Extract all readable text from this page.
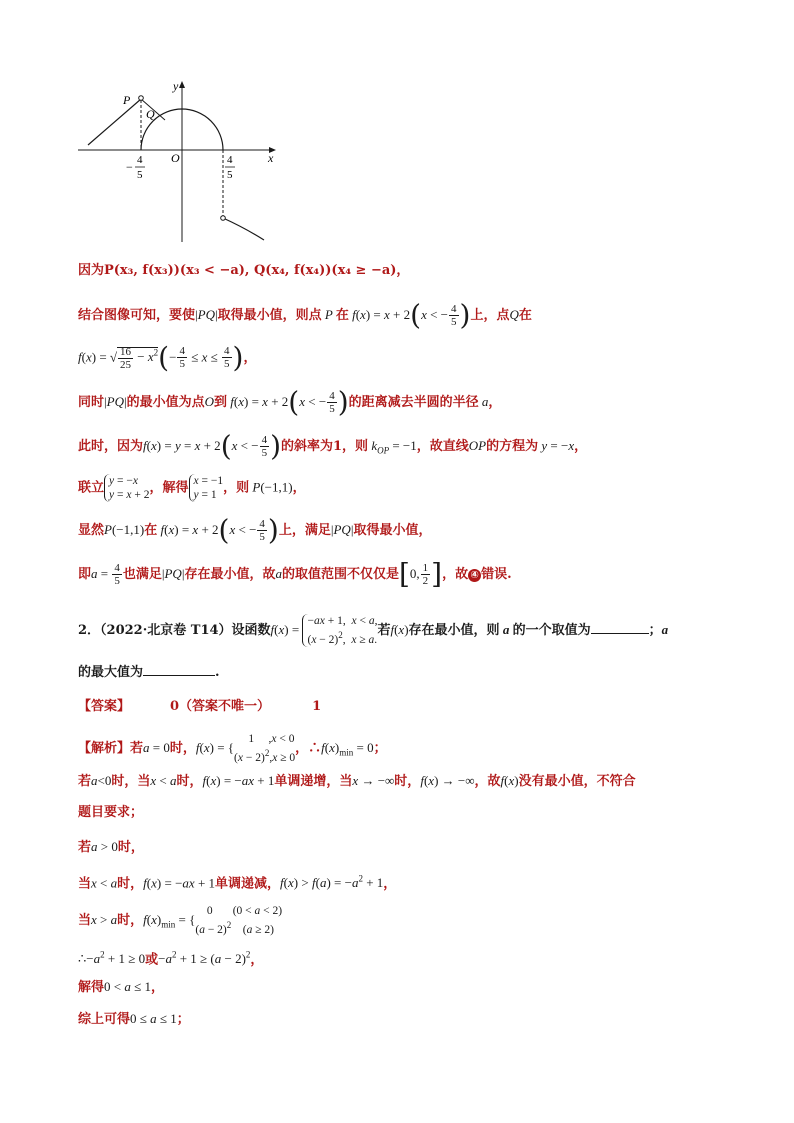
y
x
P
Q
O
− 4
5
4
5
因为P(x₃, f(x₃))(x₃ < −a), Q(x₄, f(x₄))(x₄ ≥ −a)，
结合图像可知，要使|PQ|取得最小值，则点 P 在 f(x) = x + 2(x < − $\frac{4}{5}$ )上，点Q在
f(x) = √ $\frac{16}{25} - x^2(- \frac{4}{5} \le x \le \frac{4}{5}$ )，
同时|PQ|的最小值为点O到 f(x) = x + 2(x < − $\frac{4}{5}$ )的距离减去半圆的半径 a，
此时，因为f(x) = y = x + 2(x < − $\frac{4}{5}$ )的斜率为1，则 $k_{OP} = -1$，故直线OP的方程为 y = −x，
联立 y = −x
y = x + 2，解得 x = −1
y = 1 ，则 P(−1,1)，
显然P(−1,1)在 f(x) = x + 2(x < − $\frac{4}{5}$ )上，满足|PQ|取得最小值，
即$a = \frac{4}{5}$ 也满足|PQ|存在最小值，故a的取值范围不仅仅是[0, $\frac{1}{2}$ ]，故 ④ 错误.
2．（2022·北京卷 T14）设函数f(x) = −ax + 1,  x < a,
$(x - 2)^2$,  x ≥ a.若f(x)存在最小值，则 a 的一个取值为	；a
的最大值为	.
【答案】	0（答案不唯一）	1
【解析】若a = 0时，f(x) = {     1     ,x < 0
$(x - 2)^2,x \ge 0$，$\therefore f(x)_{min} = 0$；
若a<0时，当x < a时，f(x) = −ax + 1单调递增，当x → −∞时，f(x) → −∞，故f(x)没有最小值，不符合
题目要求；
若a > 0时，
当x < a时，f(x) = −ax + 1单调递减，$f(x) > f(a) = -a^2 + 1$，
当x > a时，$f(x)_{min}$ = {    0       (0 < a < 2)
$(a - 2)^2$    (a ≥ 2)
$\therefore-a^2 + 1 \ge 0$或$-a^2 + 1 \ge (a - 2)^2$，
解得0 < a ≤ 1，
综上可得0 ≤ a ≤ 1；
